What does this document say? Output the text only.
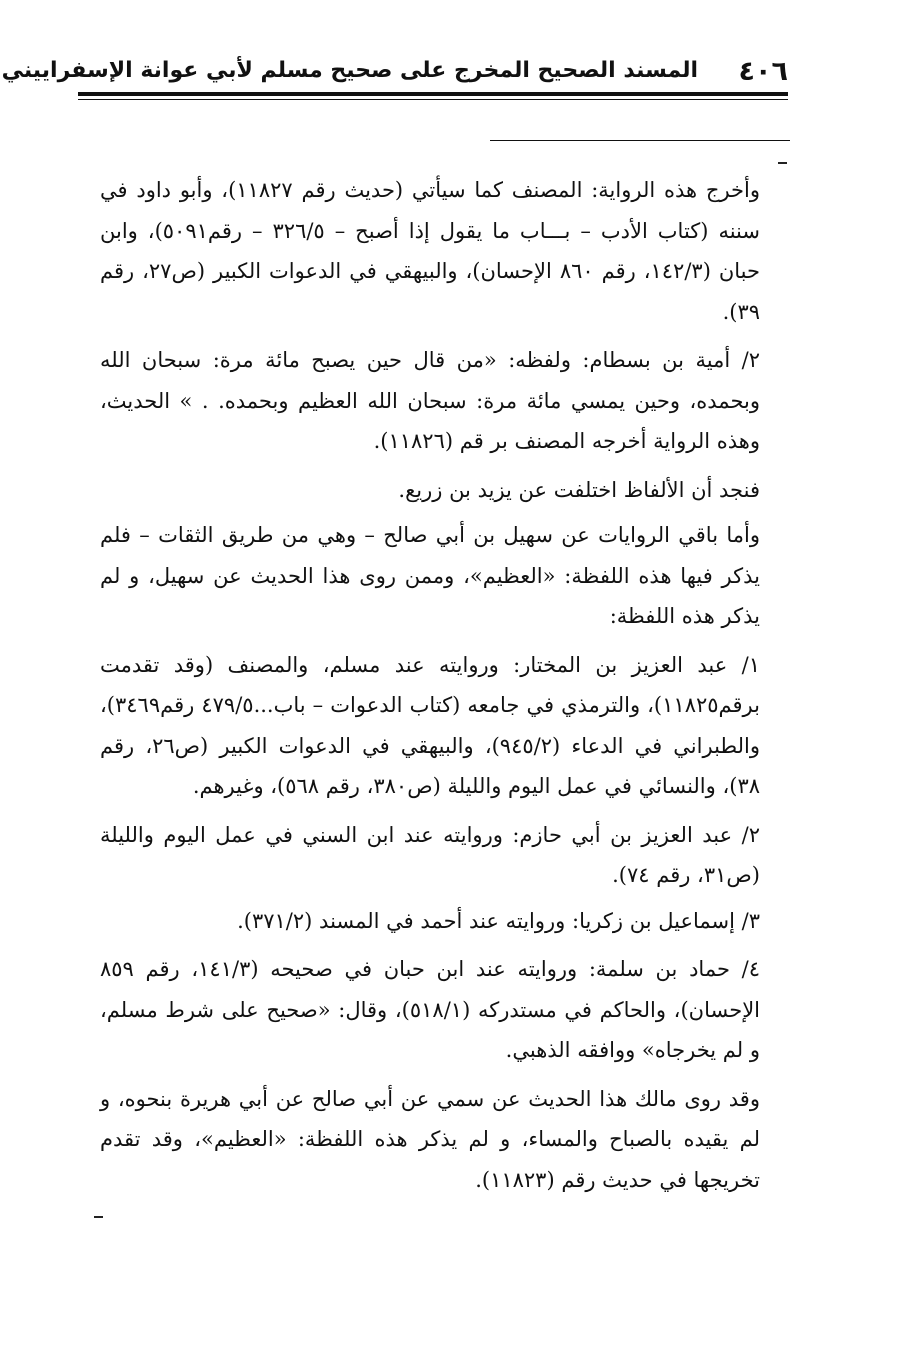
٤٠٦
المسند الصحيح المخرج على صحيح مسلم لأبي عوانة الإسفراييني

وأخرج هذه الرواية: المصنف كما سيأتي (حديث رقم ١١٨٢٧)، وأبو داود في سننه (كتاب الأدب – بـــاب ما يقول إذا أصبح – ٣٢٦/٥ – رقم٥٠٩١)، وابن حبان (١٤٢/٣، رقم ٨٦٠ الإحسان)، والبيهقي في الدعوات الكبير (ص٢٧، رقم ٣٩).

٢/ أمية بن بسطام: ولفظه: «من قال حين يصبح مائة مرة: سبحان الله وبحمده، وحين يمسي مائة مرة: سبحان الله العظيم وبحمده. . » الحديث، وهذه الرواية أخرجه المصنف بر قم (١١٨٢٦).

فنجد أن الألفاظ اختلفت عن يزيد بن زريع.

وأما باقي الروايات عن سهيل بن أبي صالح – وهي من طريق الثقات – فلم يذكر فيها هذه اللفظة: «العظيم»، وممن روى هذا الحديث عن سهيل، و لم يذكر هذه اللفظة:

١/ عبد العزيز بن المختار: وروايته عند مسلم، والمصنف (وقد تقدمت برقم١١٨٢٥)، والترمذي في جامعه (كتاب الدعوات – باب...٤٧٩/٥ رقم٣٤٦٩)، والطبراني في الدعاء (٩٤٥/٢)، والبيهقي في الدعوات الكبير (ص٢٦، رقم ٣٨)، والنسائي في عمل اليوم والليلة (ص٣٨٠، رقم ٥٦٨)، وغيرهم.

٢/ عبد العزيز بن أبي حازم: وروايته عند ابن السني في عمل اليوم والليلة (ص٣١، رقم ٧٤).

٣/ إسماعيل بن زكريا: وروايته عند أحمد في المسند (٣٧١/٢).

٤/ حماد بن سلمة: وروايته عند ابن حبان في صحيحه (١٤١/٣، رقم ٨٥٩ الإحسان)، والحاكم في مستدركه (٥١٨/١)، وقال: «صحيح على شرط مسلم، و لم يخرجاه» ووافقه الذهبي.

وقد روى مالك هذا الحديث عن سمي عن أبي صالح عن أبي هريرة بنحوه، و لم يقيده بالصباح والمساء، و لم يذكر هذه اللفظة: «العظيم»، وقد تقدم تخريجها في حديث رقم (١١٨٢٣).
